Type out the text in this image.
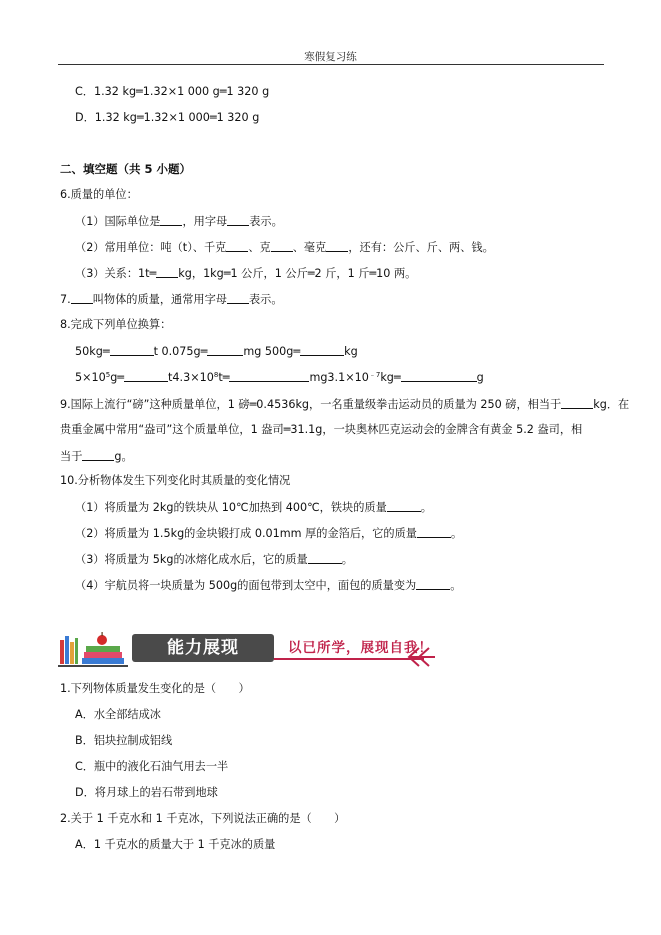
寒假复习练
C．1.32 kg═1.32×1 000 g═1 320 g
D．1.32 kg═1.32×1 000═1 320 g
二、填空题（共 5 小题）
6.质量的单位：
（1）国际单位是 ，用字母 表示。
（2）常用单位：吨（t）、千克 、克 、毫克 ，还有：公斤、斤、两、钱。
（3）关系：1t═ kg，1kg═1 公斤，1 公斤═2 斤，1 斤═10 两。
7. 叫物体的质量，通常用字母 表示。
8.完成下列单位换算：
50kg═	t 0.075g═	mg 500g═	kg
$5\times 10^5g═$	$t4.3\times 10^8t═$	$mg3.1\times 10^{﹣7}kg═$	g
9.国际上流行“磅”这种质量单位，1 磅═0.4536kg，一名重量级拳击运动员的质量为 250 磅，相当于	kg．在
贵重金属中常用“盎司”这个质量单位，1 盎司═31.1g，一块奥林匹克运动会的金牌含有黄金 5.2 盎司，相
当于	g。
10.分析物体发生下列变化时其质量的变化情况
（1）将质量为 2kg的铁块从 10℃加热到 400℃，铁块的质量	。
（2）将质量为 1.5kg的金块锻打成 0.01mm 厚的金箔后，它的质量	。
（3）将质量为 5kg的冰熔化成水后，它的质量	。
（4）宇航员将一块质量为 500g的面包带到太空中，面包的质量变为	。
能力展现	以已所学，展现自我！
1.下列物体质量发生变化的是（　　）
A．水全部结成冰
B．铝块拉制成铝线
C．瓶中的液化石油气用去一半
D．将月球上的岩石带到地球
2.关于 1 千克水和 1 千克冰，下列说法正确的是（　　）
A．1 千克水的质量大于 1 千克冰的质量
